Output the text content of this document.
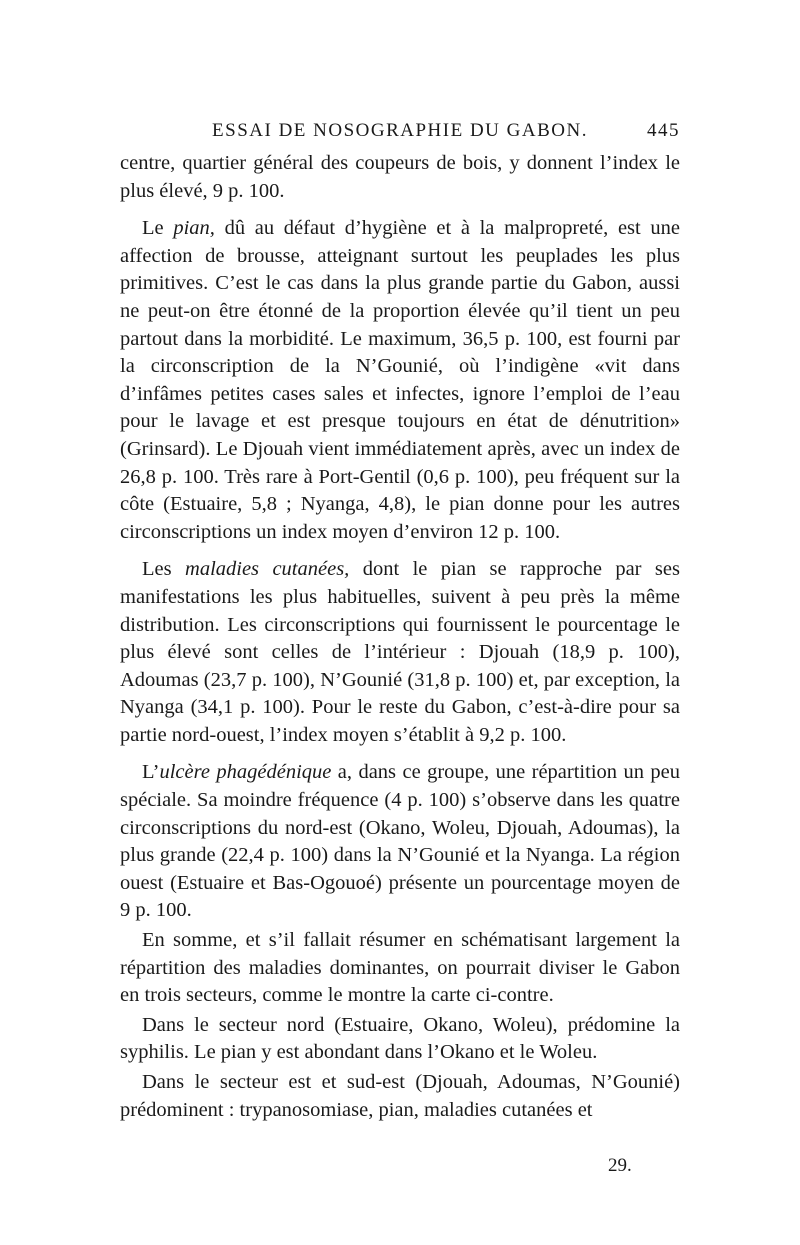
ESSAI DE NOSOGRAPHIE DU GABON.	445

centre, quartier général des coupeurs de bois, y donnent l’index le plus élevé, 9 p. 100.

Le pian, dû au défaut d’hygiène et à la malpropreté, est une affection de brousse, atteignant surtout les peuplades les plus primitives. C’est le cas dans la plus grande partie du Gabon, aussi ne peut-on être étonné de la proportion élevée qu’il tient un peu partout dans la morbidité. Le maximum, 36,5 p. 100, est fourni par la circonscription de la N’Gounié, où l’indigène «vit dans d’infâmes petites cases sales et infectes, ignore l’emploi de l’eau pour le lavage et est presque toujours en état de dénutrition» (Grinsard). Le Djouah vient immédiatement après, avec un index de 26,8 p. 100. Très rare à Port-Gentil (0,6 p. 100), peu fréquent sur la côte (Estuaire, 5,8 ; Nyanga, 4,8), le pian donne pour les autres circonscriptions un index moyen d’environ 12 p. 100.

Les maladies cutanées, dont le pian se rapproche par ses manifestations les plus habituelles, suivent à peu près la même distribution. Les circonscriptions qui fournissent le pourcentage le plus élevé sont celles de l’intérieur : Djouah (18,9 p. 100), Adoumas (23,7 p. 100), N’Gounié (31,8 p. 100) et, par exception, la Nyanga (34,1 p. 100). Pour le reste du Gabon, c’est-à-dire pour sa partie nord-ouest, l’index moyen s’établit à 9,2 p. 100.

L’ulcère phagédénique a, dans ce groupe, une répartition un peu spéciale. Sa moindre fréquence (4 p. 100) s’observe dans les quatre circonscriptions du nord-est (Okano, Woleu, Djouah, Adoumas), la plus grande (22,4 p. 100) dans la N’Gounié et la Nyanga. La région ouest (Estuaire et Bas-Ogouoé) présente un pourcentage moyen de 9 p. 100.

En somme, et s’il fallait résumer en schématisant largement la répartition des maladies dominantes, on pourrait diviser le Gabon en trois secteurs, comme le montre la carte ci-contre.

Dans le secteur nord (Estuaire, Okano, Woleu), prédomine la syphilis. Le pian y est abondant dans l’Okano et le Woleu.

Dans le secteur est et sud-est (Djouah, Adoumas, N’Gounié) prédominent : trypanosomiase, pian, maladies cutanées et

29.
